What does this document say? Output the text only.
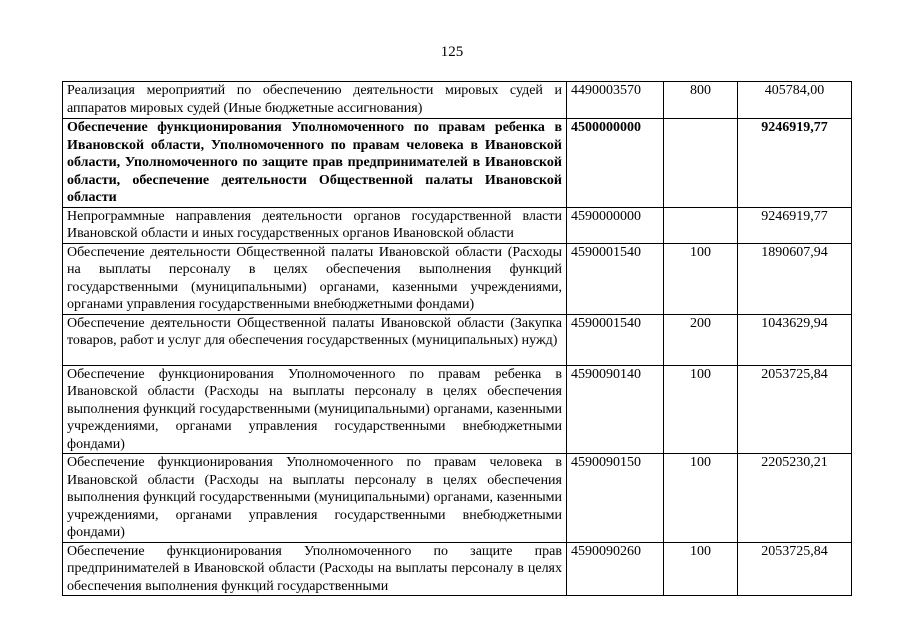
125
Реализация мероприятий по обеспечению деятельности мировых судей и аппаратов мировых судей (Иные бюджетные ассигнования)	4490003570	800	405784,00
Обеспечение функционирования Уполномоченного по правам ребенка в Ивановской области, Уполномоченного по правам человека в Ивановской области, Уполномоченного по защите прав предпринимателей в Ивановской области, обеспечение деятельности Общественной палаты Ивановской области	4500000000		9246919,77
Непрограммные направления деятельности органов государственной власти Ивановской области и иных государственных органов Ивановской области	4590000000		9246919,77
Обеспечение деятельности Общественной палаты Ивановской области (Расходы на выплаты персоналу в целях обеспечения выполнения функций государственными (муниципальными) органами, казенными учреждениями, органами управления государственными внебюджетными фондами)	4590001540	100	1890607,94
Обеспечение деятельности Общественной палаты Ивановской области (Закупка товаров, работ и услуг для обеспечения государственных (муниципальных) нужд)	4590001540	200	1043629,94
Обеспечение функционирования Уполномоченного по правам ребенка в Ивановской области (Расходы на выплаты персоналу в целях обеспечения выполнения функций государственными (муниципальными) органами, казенными учреждениями, органами управления государственными внебюджетными фондами)	4590090140	100	2053725,84
Обеспечение функционирования Уполномоченного по правам человека в Ивановской области (Расходы на выплаты персоналу в целях обеспечения выполнения функций государственными (муниципальными) органами, казенными учреждениями, органами управления государственными внебюджетными фондами)	4590090150	100	2205230,21
Обеспечение функционирования Уполномоченного по защите прав предпринимателей в Ивановской области (Расходы на выплаты персоналу в целях обеспечения выполнения функций государственными	4590090260	100	2053725,84
